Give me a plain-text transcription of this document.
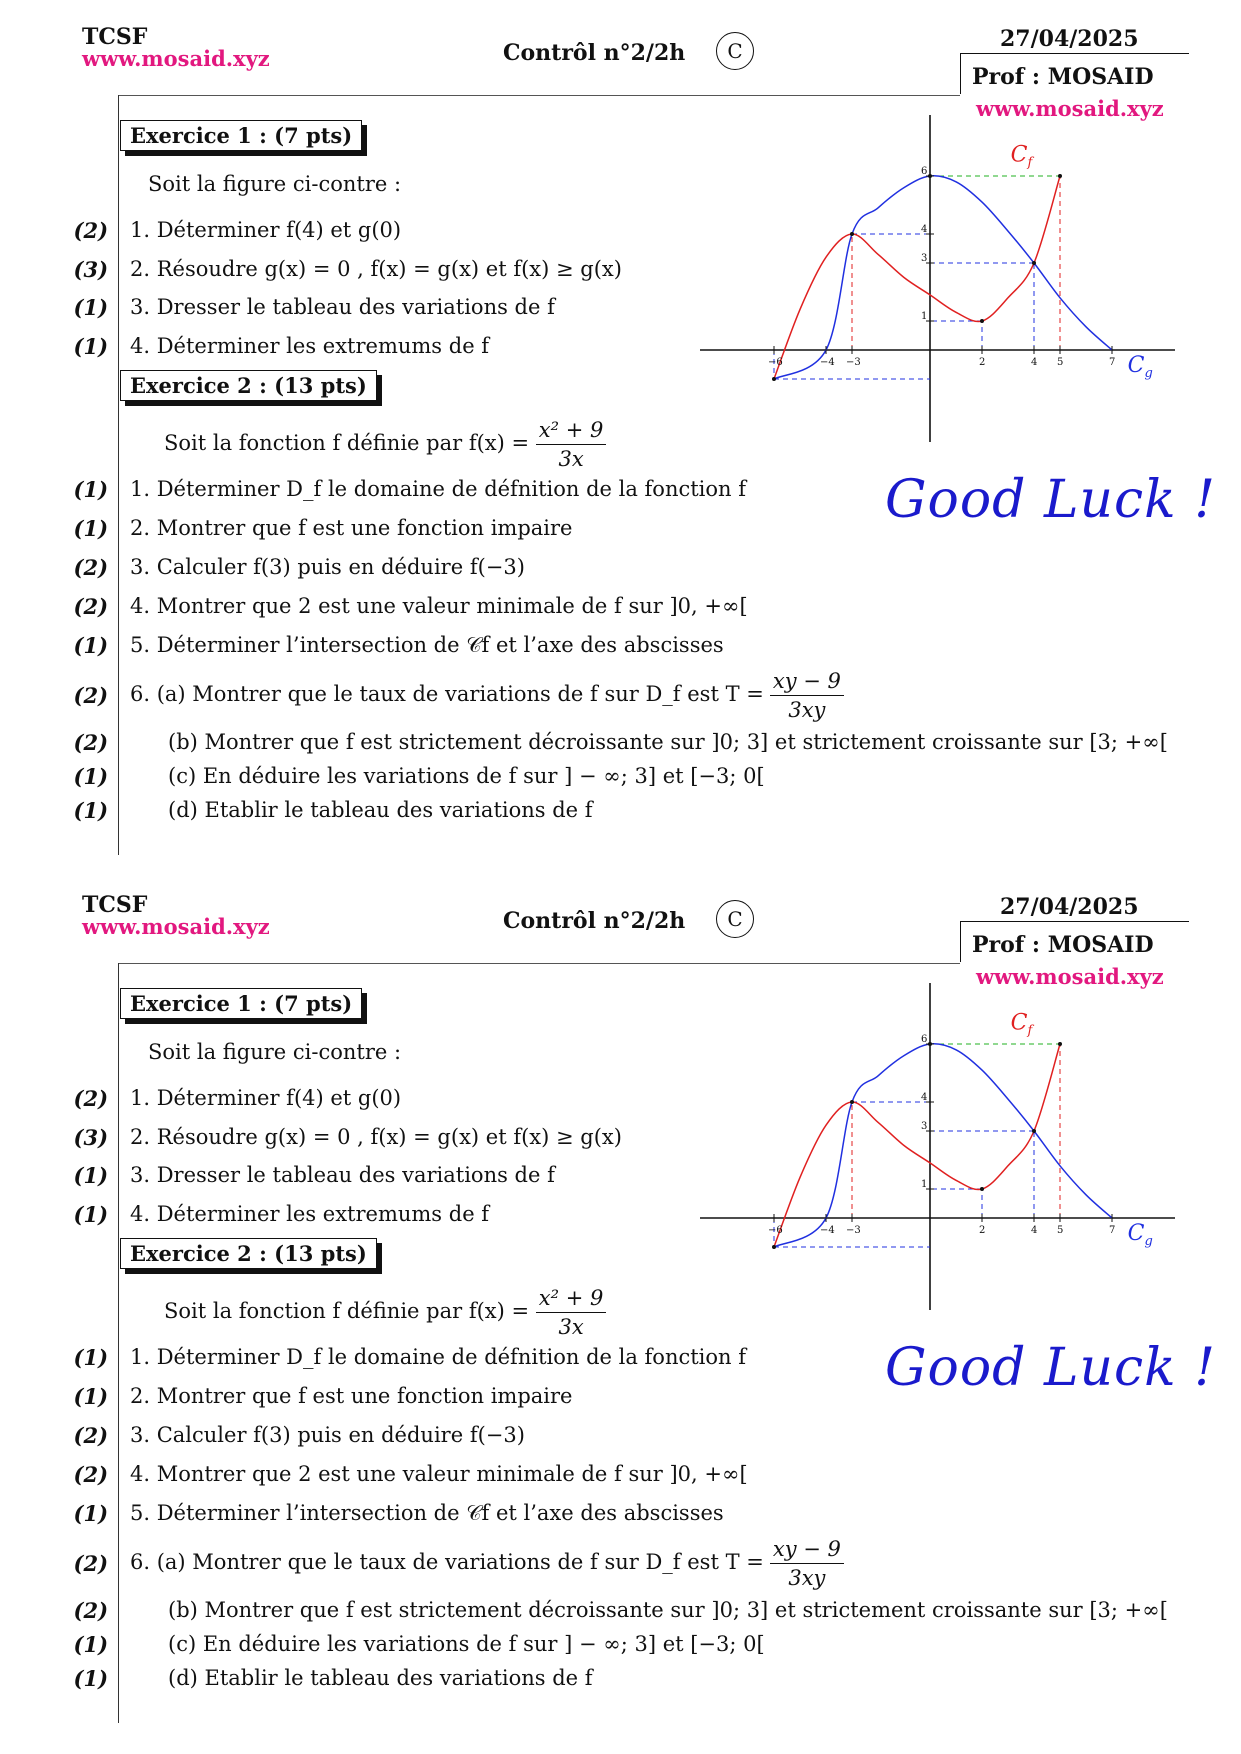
TCSF
www.mosaid.xyz	Contrôl n°2/2h	C	27/04/2025
Prof : MOSAID
www.mosaid.xyz
Exercice 1 : (7 pts)
Soit la figure ci-contre :
(2) 1. Déterminer f(4) et g(0)
(3) 2. Résoudre g(x) = 0 , f(x) = g(x) et f(x) ≥ g(x)
(1) 3. Dresser le tableau des variations de f
(1) 4. Déterminer les extremums de f
Exercice 2 : (13 pts)
Soit la fonction f définie par $f(x) = \frac{\text{x² + 9}}{3x}$
(1) 1. Déterminer D_f le domaine de défnition de la fonction f
(1) 2. Montrer que f est une fonction impaire
(2) 3. Calculer f(3) puis en déduire f(−3)
(2) 4. Montrer que 2 est une valeur minimale de f sur ]0, +∞[
(1) 5. Déterminer l’intersection de 𝒞f et l’axe des abscisses
(2) 6. (a) Montrer que le taux de variations de f sur D_f est $T = \frac{xy - 9}{3xy}$
(2)	(b) Montrer que f est strictement décroissante sur ]0; 3] et strictement croissante sur [3; +∞[
(1)	(c) En déduire les variations de f sur ] − ∞; 3] et [−3; 0[
(1)	(d) Etablir le tableau des variations de f
Good Luck !
−6	−4 −3	2	4 5	7
1
3
4
6
$C_f$
$C_g$
TCSF
www.mosaid.xyz	Contrôl n°2/2h	C	27/04/2025
Prof : MOSAID
www.mosaid.xyz
Exercice 1 : (7 pts)
Soit la figure ci-contre :
(2) 1. Déterminer f(4) et g(0)
(3) 2. Résoudre g(x) = 0 , f(x) = g(x) et f(x) ≥ g(x)
(1) 3. Dresser le tableau des variations de f
(1) 4. Déterminer les extremums de f
Exercice 2 : (13 pts)
Soit la fonction f définie par $f(x) = \frac{\text{x² + 9}}{3x}$
(1) 1. Déterminer D_f le domaine de défnition de la fonction f
(1) 2. Montrer que f est une fonction impaire
(2) 3. Calculer f(3) puis en déduire f(−3)
(2) 4. Montrer que 2 est une valeur minimale de f sur ]0, +∞[
(1) 5. Déterminer l’intersection de 𝒞f et l’axe des abscisses
(2) 6. (a) Montrer que le taux de variations de f sur D_f est $T = \frac{xy - 9}{3xy}$
(2)	(b) Montrer que f est strictement décroissante sur ]0; 3] et strictement croissante sur [3; +∞[
(1)	(c) En déduire les variations de f sur ] − ∞; 3] et [−3; 0[
(1)	(d) Etablir le tableau des variations de f
Good Luck !
−6	−4 −3	2	4 5	7
1
3
4
6
$C_f$
$C_g$
